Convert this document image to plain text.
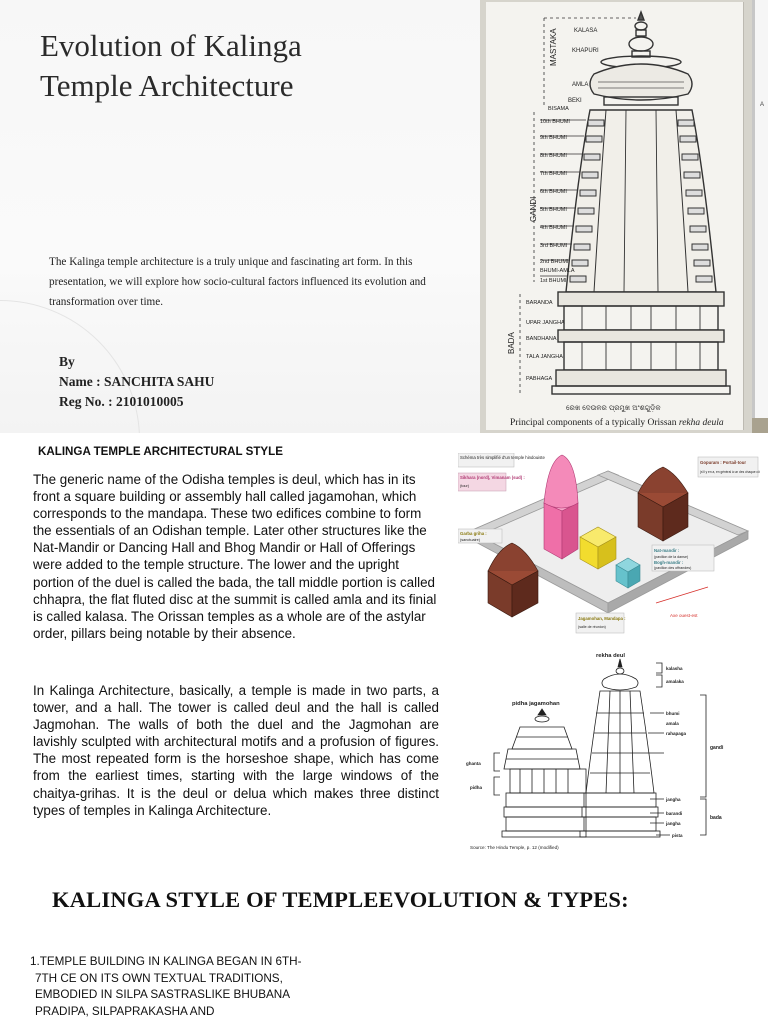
Evolution of Kalinga
Temple Architecture

The Kalinga temple architecture is a truly unique and fascinating art form. In this presentation, we will explore how socio-cultural factors influenced its evolution and transformation over time.

By
Name : SANCHITA SAHU
Reg No. : 2101010005
MASTAKA
GANDI
BADA
KALASA
KHAPURI
AMLA
BEKI
BISAMA
10th BHUMI
9th BHUMI
8th BHUMI
7th BHUMI
6th BHUMI
5th BHUMI
4th BHUMI
3rd BHUMI
2nd BHUMI
BHUMI-AMLA
1st BHUMI
BARANDA
UPAR JANGHA
BANDHANA
TALA JANGHA
PABHAGA
ରେଖ ଦେଉଳର ପ୍ରମୁଖ ଅଂଶଗୁଡ଼ିକ
Principal components of a typically Orissan rekha deula
A
KALINGA TEMPLE ARCHITECTURAL STYLE

The generic name of the Odisha temples is deul, which has in its front a square building or assembly hall called jagamohan, which corresponds to the mandapa. These two edifices combine to form the essentials of an Odishan temple. Later other structures like the Nat-Mandir or Dancing Hall and Bhog Mandir or Hall of Offerings were added to the temple structure. The lower and the upright portion of the duel is called the bada, the tall middle portion is called chhapra, the flat fluted disc at the summit is called amla and its finial is called kalasa. The Orissan temples as a whole are of the astylar order, pillars being notable by their absence.

In Kalinga Architecture, basically, a temple is made in two parts, a tower, and a hall. The tower is called deul and the hall is called Jagmohan. The walls of both the duel and the Jagmohan are lavishly sculpted with architectural motifs and a profusion of figures. The most repeated form is the horseshoe shape, which has come from the earliest times, starting with the large windows of the chaitya-grihas. It is the deul or delua which makes three distinct types of temples in Kalinga Architecture.

Schéma très simplifié d'un temple hindouiste
Sikhara (nord), Vimanam (sud) :
(tour)
Garba griha :
(sanctuaire)
Gopuram : Portail-tour
(s'il y en a, en général à un des chaque côté)
Nat-mandir :
(pavillon de la danse)
Bogh-mandir :
(pavillon des offrandes)
Jagamohan, Mandapa :
(salle de réunion)
Axe ouest-est
rekha deul
pidha jagamohan
kalasha
amalaka
bhumi
amala
rahapaga
gandi
ghanta
pidha
jangha
barandi
jangha
pista
bada
Source: The Hindu Temple, p. 12 (modified)
KALINGA STYLE OF TEMPLEEVOLUTION & TYPES:
1.TEMPLE BUILDING IN KALINGA BEGAN IN 6TH-
7TH CE ON ITS OWN TEXTUAL TRADITIONS,
EMBODIED IN SILPA SASTRASLIKE BHUBANA
PRADIPA, SILPAPRAKASHA AND
